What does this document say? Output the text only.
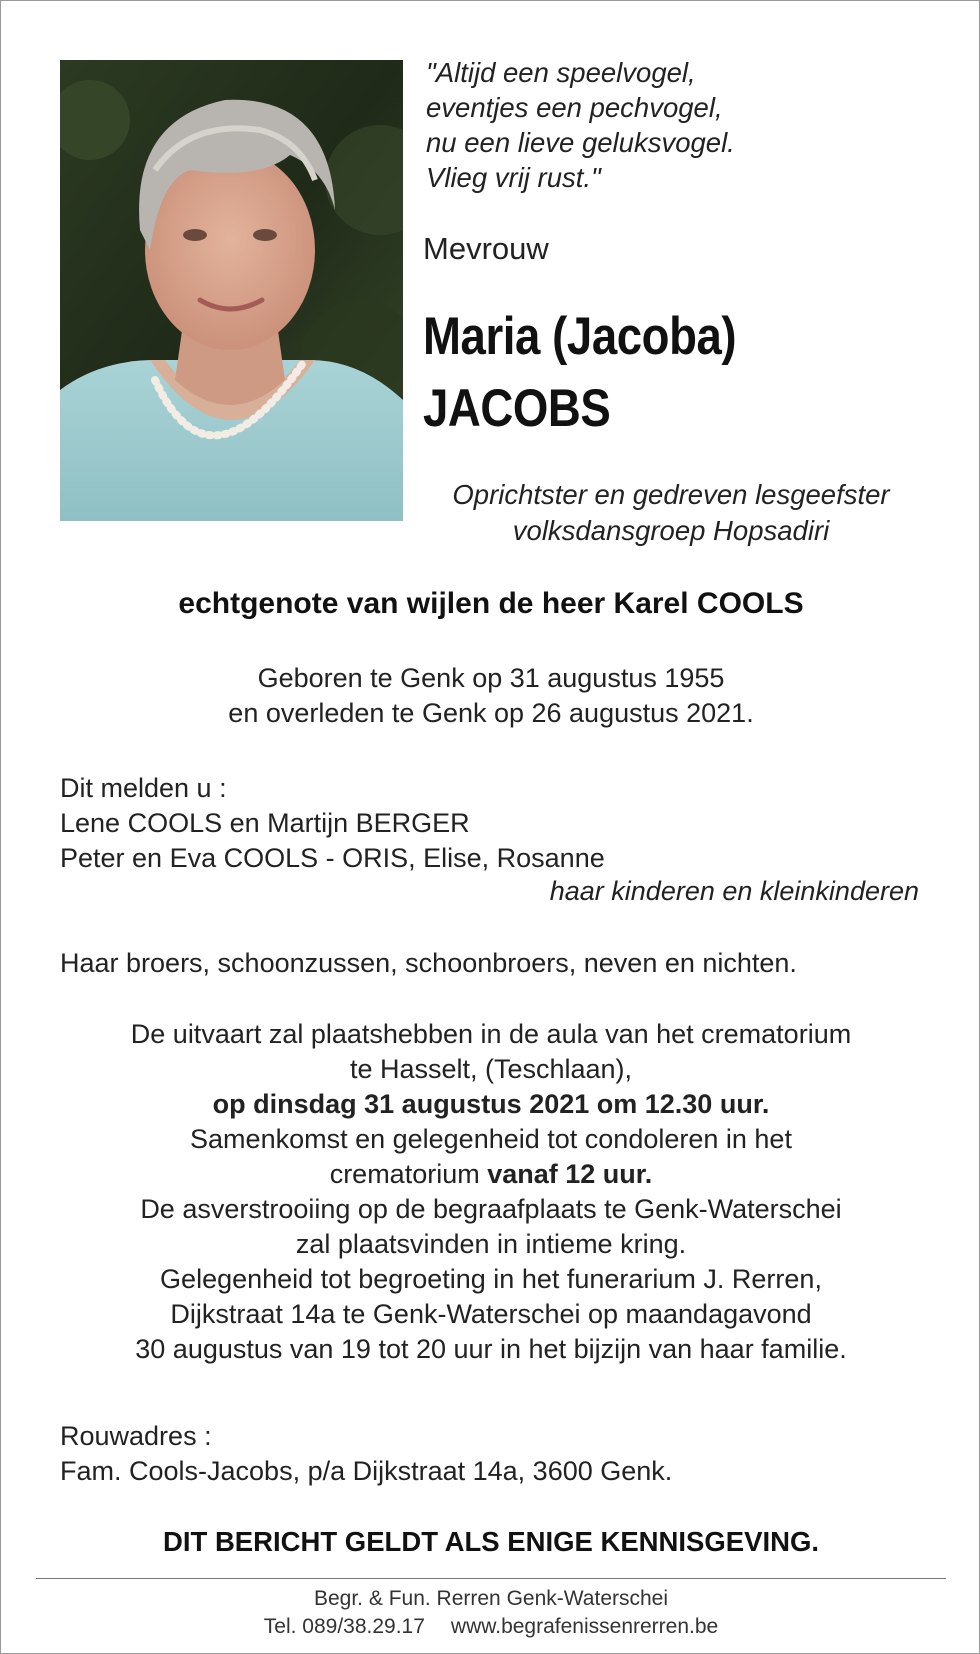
"Altijd een speelvogel,
eventjes een pechvogel,
nu een lieve geluksvogel.
Vlieg vrij rust."
Mevrouw
Maria (Jacoba)
JACOBS
Oprichtster en gedreven lesgeefster
volksdansgroep Hopsadiri
echtgenote van wijlen de heer Karel COOLS
Geboren te Genk op 31 augustus 1955
en overleden te Genk op 26 augustus 2021.
Dit melden u :
Lene COOLS en Martijn BERGER
Peter en Eva COOLS - ORIS, Elise, Rosanne
haar kinderen en kleinkinderen
Haar broers, schoonzussen, schoonbroers, neven en nichten.
De uitvaart zal plaatshebben in de aula van het crematorium
te Hasselt, (Teschlaan),
op dinsdag 31 augustus 2021 om 12.30 uur.
Samenkomst en gelegenheid tot condoleren in het
crematorium vanaf 12 uur.
De asverstrooiing op de begraafplaats te Genk-Waterschei
zal plaatsvinden in intieme kring.
Gelegenheid tot begroeting in het funerarium J. Rerren,
Dijkstraat 14a te Genk-Waterschei op maandagavond
30 augustus van 19 tot 20 uur in het bijzijn van haar familie.
Rouwadres :
Fam. Cools-Jacobs, p/a Dijkstraat 14a, 3600 Genk.
DIT BERICHT GELDT ALS ENIGE KENNISGEVING.
Begr. & Fun. Rerren Genk-Waterschei
Tel. 089/38.29.17 www.begrafenissenrerren.be
